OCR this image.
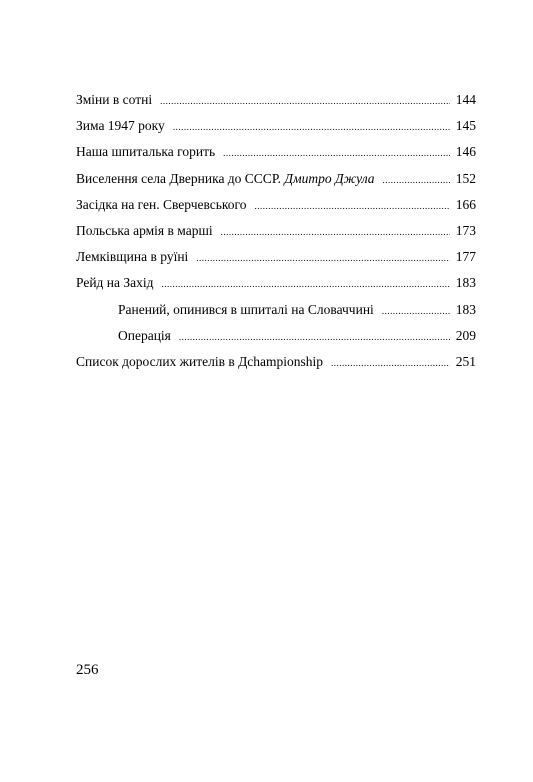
Зміни в сотні .....	144
Зима 1947 року .....	145
Наша шпиталька горить .....	146
Виселення села Дверника до СССР. Дмитро Джула .....	152
Засідка на ген. Сверчевського .....	166
Польська армія в марші .....	173
Лемківщина в руїні .....	177
Рейд на Захід .....	183
Ранений, опинився в шпиталі на Словаччині .....	183
Операція .....	209
Список дорослих жителів в Дchampionship .....	251
256
